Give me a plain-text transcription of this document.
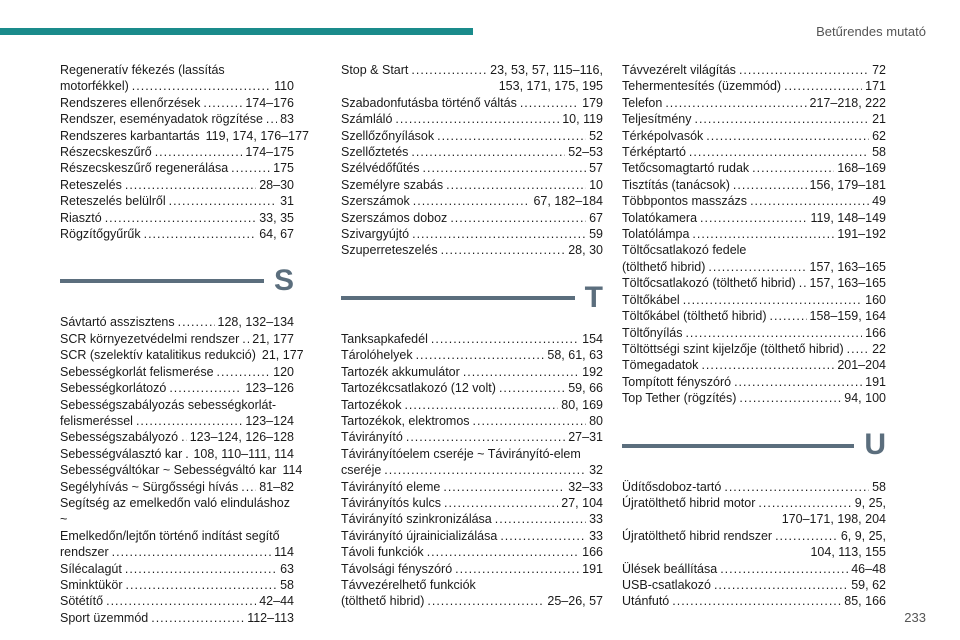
Betűrendes mutató
Regeneratív fékezés (lassítás
motorfékkel) .....	110
Rendszeres ellenőrzések .....	174–176
Rendszer, eseményadatok rögzítése ..... 83
Rendszeres karbantartás 119, 174, 176–177
Részecskeszűrő .....	174–175
Részecskeszűrő regenerálása .....	175
Reteszelés .....	28–30
Reteszelés belülről .....	31
Riasztó .....	33, 35
Rögzítőgyűrűk .....	64, 67
S
Sávtartó asszisztens .....	128, 132–134
SCR környezetvédelmi rendszer ..... 21, 177
SCR (szelektív katalitikus redukció) 21, 177
Sebességkorlát felismerése .....	120
Sebességkorlátozó .....	123–126
Sebességszabályozás sebességkorlát-
felismeréssel .....	123–124
Sebességszabályozó ..... 123–124, 126–128
Sebességválasztó kar ..... 108, 110–111, 114
Sebességváltókar ~ Sebességváltó kar 114
Segélyhívás ~ Sürgősségi hívás ..... 81–82
Segítség az emelkedőn való elinduláshoz ~
Emelkedőn/lejtőn történő indítást segítő
rendszer .....	114
Sílécalagút .....	63
Sminktükör .....	58
Sötétítő .....	42–44
Sport üzemmód .....	112–113
Stop & Start .....	23, 53, 57, 115–116,
153, 171, 175, 195
Szabadonfutásba történő váltás .....	179
Számláló .....	10, 119
Szellőzőnyílások .....	52
Szellőztetés .....	52–53
Szélvédőfűtés .....	57
Személyre szabás .....	10
Szerszámok .....	67, 182–184
Szerszámos doboz .....	67
Szivargyújtó .....	59
Szuperreteszelés .....	28, 30
T
Tanksapkafedél .....	154
Tárolóhelyek .....	58, 61, 63
Tartozék akkumulátor .....	192
Tartozékcsatlakozó (12 volt) .....	59, 66
Tartozékok .....	80, 169
Tartozékok, elektromos .....	80
Távirányító .....	27–31
Távirányítóelem cseréje ~ Távirányító-elem
cseréje .....	32
Távirányító eleme .....	32–33
Távirányítós kulcs .....	27, 104
Távirányító szinkronizálása .....	33
Távirányító újrainicializálása .....	33
Távoli funkciók .....	166
Távolsági fényszóró .....	191
Távvezérelhető funkciók
(tölthető hibrid) .....	25–26, 57
Távvezérelt világítás .....	72
Tehermentesítés (üzemmód) .....	171
Telefon .....	217–218, 222
Teljesítmény .....	21
Térképolvasók .....	62
Térképtartó .....	58
Tetőcsomagtartó rudak .....	168–169
Tisztítás (tanácsok) .....	156, 179–181
Többpontos masszázs .....	49
Tolatókamera .....	119, 148–149
Tolatólámpa .....	191–192
Töltőcsatlakozó fedele
(tölthető hibrid) .....	157, 163–165
Töltőcsatlakozó (tölthető hibrid) ..... 157, 163–165
Töltőkábel .....	160
Töltőkábel (tölthető hibrid) .....	158–159, 164
Töltőnyílás .....	166
Töltöttségi szint kijelzője (tölthető hibrid) ..... 22
Tömegadatok .....	201–204
Tompított fényszóró .....	191
Top Tether (rögzítés) .....	94, 100
U
Üdítősdoboz-tartó .....	58
Újratölthető hibrid motor .....	9, 25,
170–171, 198, 204
Újratölthető hibrid rendszer .....	6, 9, 25,
104, 113, 155
Ülések beállítása .....	46–48
USB-csatlakozó .....	59, 62
Utánfutó .....	85, 166
233
